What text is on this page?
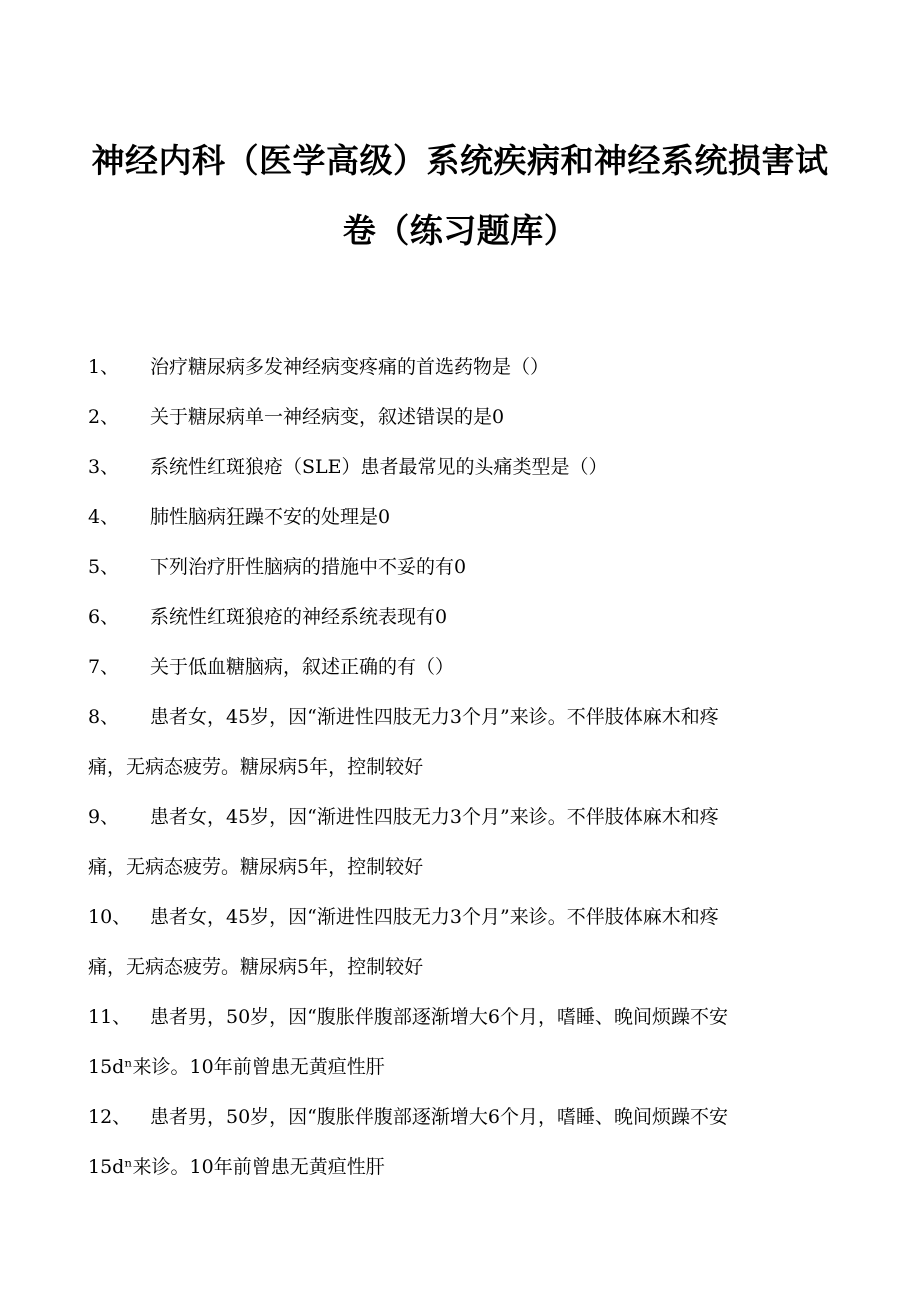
神经内科（医学高级）系统疾病和神经系统损害试
卷（练习题库）
1、 治疗糖尿病多发神经病变疼痛的首选药物是（）
2、 关于糖尿病单一神经病变，叙述错误的是0
3、 系统性红斑狼疮（SLE）患者最常见的头痛类型是（）
4、 肺性脑病狂躁不安的处理是0
5、 下列治疗肝性脑病的措施中不妥的有0
6、 系统性红斑狼疮的神经系统表现有0
7、 关于低血糖脑病，叙述正确的有（）
8、 患者女，45岁，因“渐进性四肢无力3个月”来诊。不伴肢体麻木和疼
痛，无病态疲劳。糖尿病5年，控制较好
9、 患者女，45岁，因“渐进性四肢无力3个月”来诊。不伴肢体麻木和疼
痛，无病态疲劳。糖尿病5年，控制较好
10、 患者女，45岁，因“渐进性四肢无力3个月”来诊。不伴肢体麻木和疼
痛，无病态疲劳。糖尿病5年，控制较好
11、 患者男，50岁，因“腹胀伴腹部逐渐增大6个月，嗜睡、晚间烦躁不安
15dⁿ来诊。10年前曾患无黄疸性肝
12、 患者男，50岁，因“腹胀伴腹部逐渐增大6个月，嗜睡、晚间烦躁不安
15dⁿ来诊。10年前曾患无黄疸性肝
